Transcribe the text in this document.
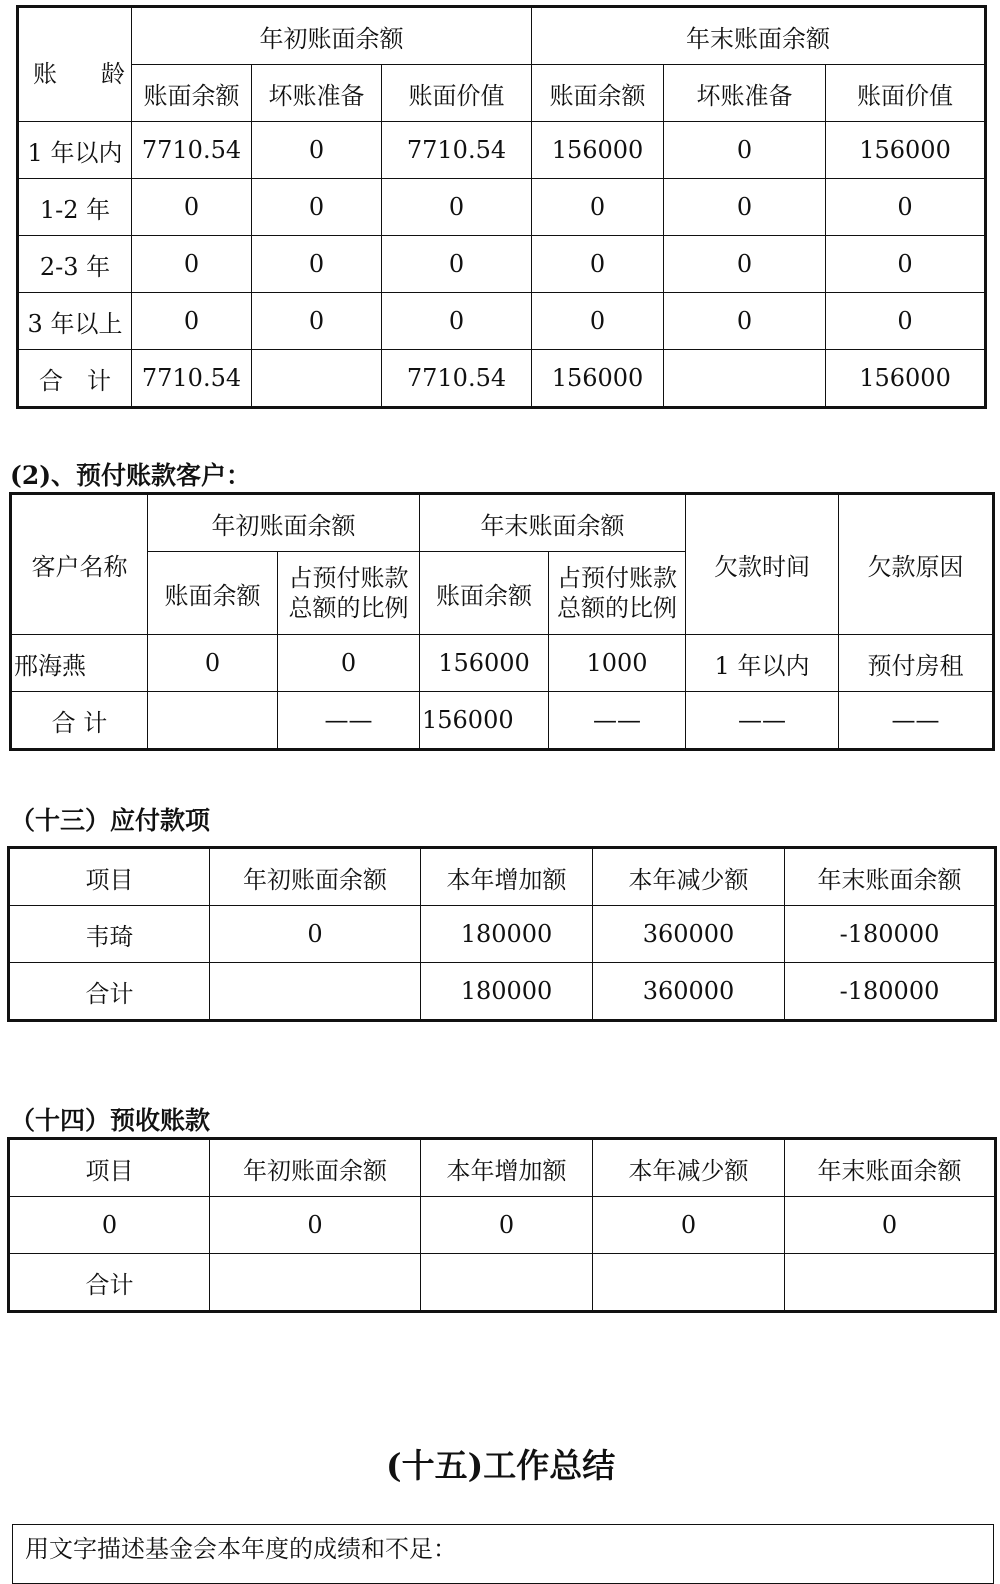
账 龄	年初账面余额			年末账面余额		
	账面余额	坏账准备	账面价值	账面余额	坏账准备	账面价值
1 年以内	7710.54	0	7710.54	156000	0	156000
1-2 年	0	0	0	0	0	0
2-3 年	0	0	0	0	0	0
3 年以上	0	0	0	0	0	0
合　计	7710.54		7710.54	156000		156000
(2)、预付账款客户：
客户名称	年初账面余额		年末账面余额		欠款时间	欠款原因
	账面余额	占预付账款总额的比例	账面余额	占预付账款总额的比例		
邢海燕	0	0	156000	1000	1 年以内	预付房租
合 计		——	156000	——	——	——
（十三）应付款项
项目	年初账面余额	本年增加额	本年减少额	年末账面余额
韦琦	0	180000	360000	-180000
合计		180000	360000	-180000
（十四）预收账款
项目	年初账面余额	本年增加额	本年减少额	年末账面余额
0	0	0	0	0
合计				
(十五)工作总结
用文字描述基金会本年度的成绩和不足：
